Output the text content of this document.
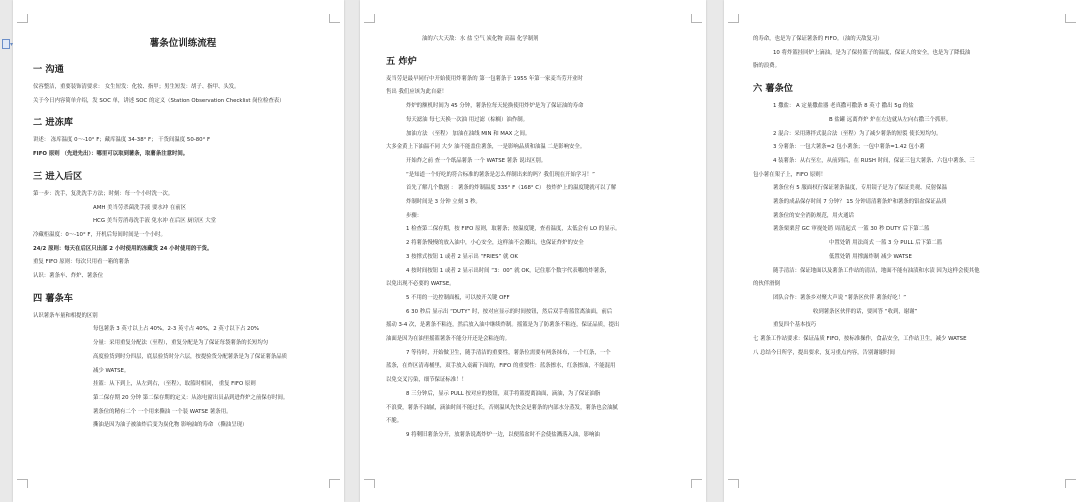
▾	薯条位训练流程
一 沟通
仪容整洁，重要装饰清要求： 女生短发：化妆、指甲；男生短发：胡子、指甲、头发。
关于今日内容简单介绍，发 SOC 单，讲述 SOC 的定义（Station Observation Checklist 岗位检查表）
二 进冻库
讲述： 冻库温度 0～-10° F；藏库温度 34-38° F； 干货间温度 50-80° F
FIFO 原则 （先进先出）：哪里可以取到薯条，取薯条注意时间。
三 进入后区
第一步：洗手，复洗洗手方法；时刻：每一个小时洗一次。
AMH 美当劳杀菌洗手液 要水冲 在前区
HCG 美当劳消毒洗手液 免水冲 在后区 厨房区 大堂
冷藏柜温度：0～-10° F，开机后每间时间是一个小时。
24/2 原则：每天在后区只出部 2 小时使用的冻藏货 24 小时使用的干货。
重复 FIFO 原则：每次只用看一箱的薯条
认识：薯条车、炸炉、薯条位
四 薯条车
认识薯条车量和相提的区别
每包薯条 3 英寸以上占 40%，2-3 英寸占 40%，2 英寸以下占 20%
分量：采用重复分配法（至程），重复分配是为了保证每袋薯条的长短均匀
高度验货到时分四层，底层验货时分六层，按提验货分配薯条是为了保证薯条品质
减少 WATSE。
挂篮：从下到上，从左到右，（至程），取篮时相同， 重复 FIFO 原则
第二保存期 20 分钟 第二保存期的定义：从冻电窗出员品到进炸炉之前保存时间。
薯条位的精有二个 一个用来撕油 一个装 WATSE 薯条用。
撕油是因为油子被油炸后变为炭化物 影响油的寿命 （撕油呈现）
油的六大天敌：水 盐 空气 炭化物 高温 化学制剂
五 炸炉
麦当劳是最早同行中开始使用炸薯条的 第一包薯条于 1955 年第一家麦当劳开业时
售出 我们应该为此自豪！
炸炉的额机时间为 45 分钟，薯条位每天轮换使用炸炉是为了保证油的寿命
每天滤油 每七天换一次油 用过滤（棕榈）油作制。
加油方法 （至程） 加油在油线 MIN 和 MAX 之间。
大多金黄上下油温不同 大少 油不能盖住薯条，一是影响品质和油温 二是影响安全。
开始炸之前 查一个纸品薯条 一个 WATSE 薯条 说出区别。
“是知道一个好吃的符合标准的薯条是怎么样制出来的吗？我们现在开始学习！”
首先了解几个数据 ： 薯条的炸制温度 335° F（168° C） 按炸炉上的温度键就可以了解
炸制时间是 3 分钟 立刻 3 秒。
步骤：
1 检查第二保存期，按 FIFO 原则，取薯条；按温度键，查看温度，太低会有 LO 的显示。
2 将薯条慢慢的放入油中，小心安全，这样油不会溅出，也保证炸炉的安全
3 按撑式按钮 1 或者 2 显示出 “FRIES” 就 OK
4 按时间按钮 1 或者 2 显示出时间 “3：00” 就 OK，记住那个数字代表哪的炸薯条，
以免出现不必要的 WATSE。
5 不用的一边控制面板，可以按开关键 OFF
6 30 秒后 显示出 “DUTY” 时，按对应显示的时间按钮，然后双手将篮筐离油面，前后
摇动 3-4 次，是薯条不粘连，然后放入油中继续炸制。摇篮是为了防薯条不粘连，保证品质，提出
油面是因为在油里摇篮薯条不能分开还是会粘连的。
7 等待时，开始做卫生，随手清洁的重要性，薯条位需要有两条抹布，一个红条，一个
蓝条，在炸区清毒桶里，双手放入桌霸下面的，FIFO 的重要性：蓝条擦水，红条擦油，不能混用
以免交叉污染，细节保证标准！！
8 三分钟后，显示 PULL 按对应的按钮，双手将篮提离油面，滴油，为了保证油脂
不浪费，薯条不油腻，滴油时间不能过长，否则温风先快会是薯条的内部水分蒸发，薯条也会油腻
不脆。
9 将剩旧薯条分开，放薯条说离炸炉一边，以便篮盆时不会使盐溅落入油，影响油
的寿命，也是为了保证薯条的 FIFO。（油的天敌复习）
10 将炸篮挂回炉上滴油，是为了保持篮子的温度，保证人的安全，也是为了降低油
脂的浪费。
六 薯条位
1 撒盐： A 定量撒盐器 老真撒可撒条 8 英寸 撒出 5g 的盐
B 盐罐 远离炸炉 炉在左边就从左向右撒三个抓形。
2 混合：采用薄拌式混合法（至程）为了减少薯条的短裂 使长短均匀。
3 分薯条：一包大薯条=2 包小薯条；一包中薯条=1.42 包小薯
4 装薯条：从右至左，从前到后，在 RUSH 时间，保证三包大薯条、六包中薯条、三
包小薯在架子上，FIFO 原则！
薯条位有 5 服面权行保证薯条温度，专用镜子是为了保证美观、反射保温
薯条的成品保存时间 7 分钟？ 15 分钟请清薯条炉和薯条的铝盆保证品质
薯条位的安全消防规范，用火通话
薯条栗栗营 GC 审视处销 周清起式 一篮 30 秒 DUTY 后下第二篮
中置处销 用法商式 一篮 3 分 PULL 后下第二篮
低置处销 用撑露炸制 减少 WATSE
随手清洁：保证地面以及薯条工作站的清洁，地面不能有油渍和水渍 因为这样会使其他
的伙伴滑倒
团队合作：薯条乡对聚大声说 “薯条区伙伴 薯条好吃！”
收到薯条区伙伴的话，要回答 “收到，谢谢”
重复四个基本技巧
七 薯条工作站要求：保证品质 FIFO，按标准操作，食品安全，工作站卫生，减少 WATSE
八 总结今日所学，提出要求，复习重点内容，告别谢谢时间
